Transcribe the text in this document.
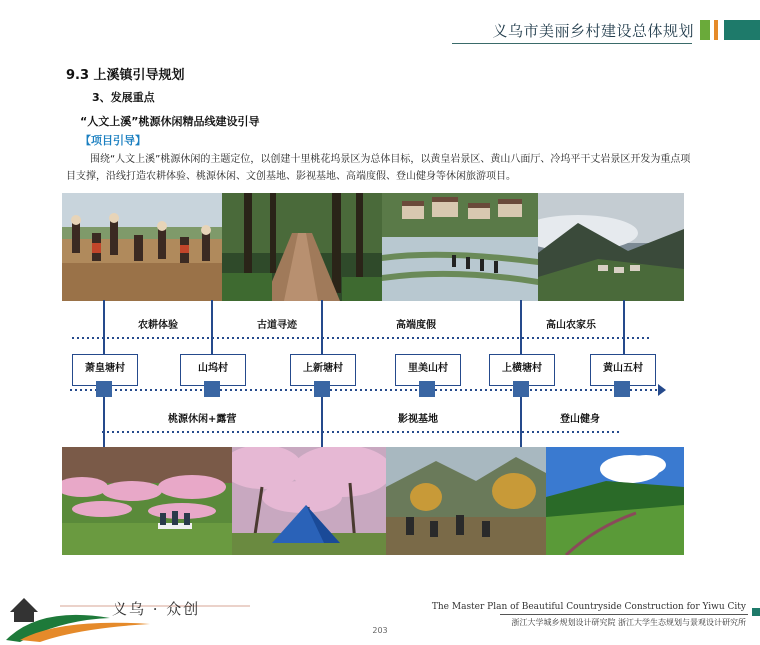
义乌市美丽乡村建设总体规划
9.3 上溪镇引导规划
3、发展重点
“人文上溪”桃源休闲精品线建设引导
【项目引导】
围绕“人文上溪”桃源休闲的主题定位，以创建十里桃花坞景区为总体目标，以黄皇岩景区、黄山八面厅、冷坞平干丈岩景区开发为重点项目支撑，沿线打造农耕体验、桃源休闲、文创基地、影视基地、高端度假、登山健身等休闲旅游项目。
农耕体验	古道寻迹	高端度假	高山农家乐
萧皇塘村	山坞村	上新塘村	里美山村	上横塘村	黄山五村
桃源休闲+露营	影视基地	登山健身
义乌 · 众创	The Master Plan of Beautiful Countryside Construction for Yiwu City
浙江大学城乡规划设计研究院 浙江大学生态规划与景观设计研究所
203
